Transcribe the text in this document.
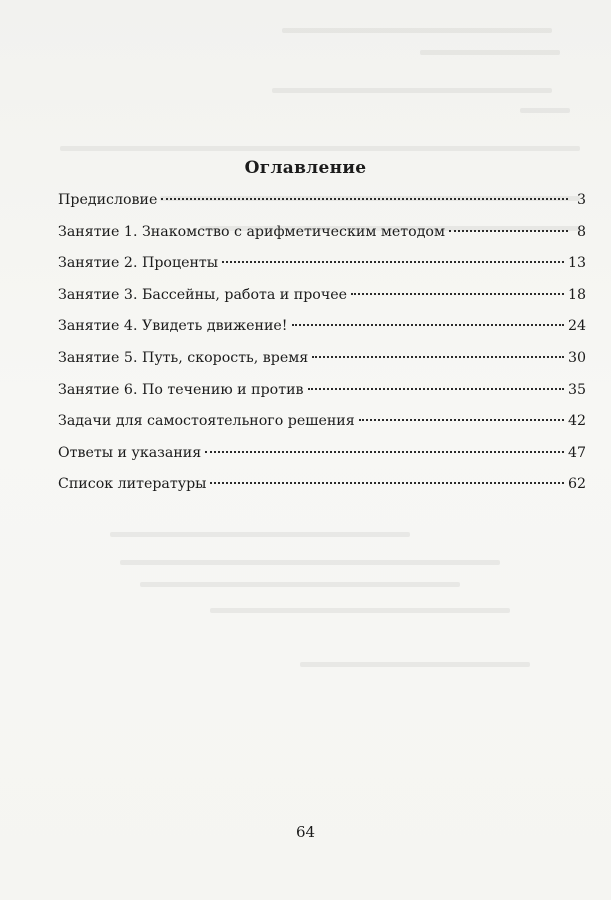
Оглавление
Предисловие	3
Занятие 1. Знакомство с арифметическим методом	8
Занятие 2. Проценты	13
Занятие 3. Бассейны, работа и прочее	18
Занятие 4. Увидеть движение!	24
Занятие 5. Путь, скорость, время	30
Занятие 6. По течению и против	35
Задачи для самостоятельного решения	42
Ответы и указания	47
Список литературы	62
64
